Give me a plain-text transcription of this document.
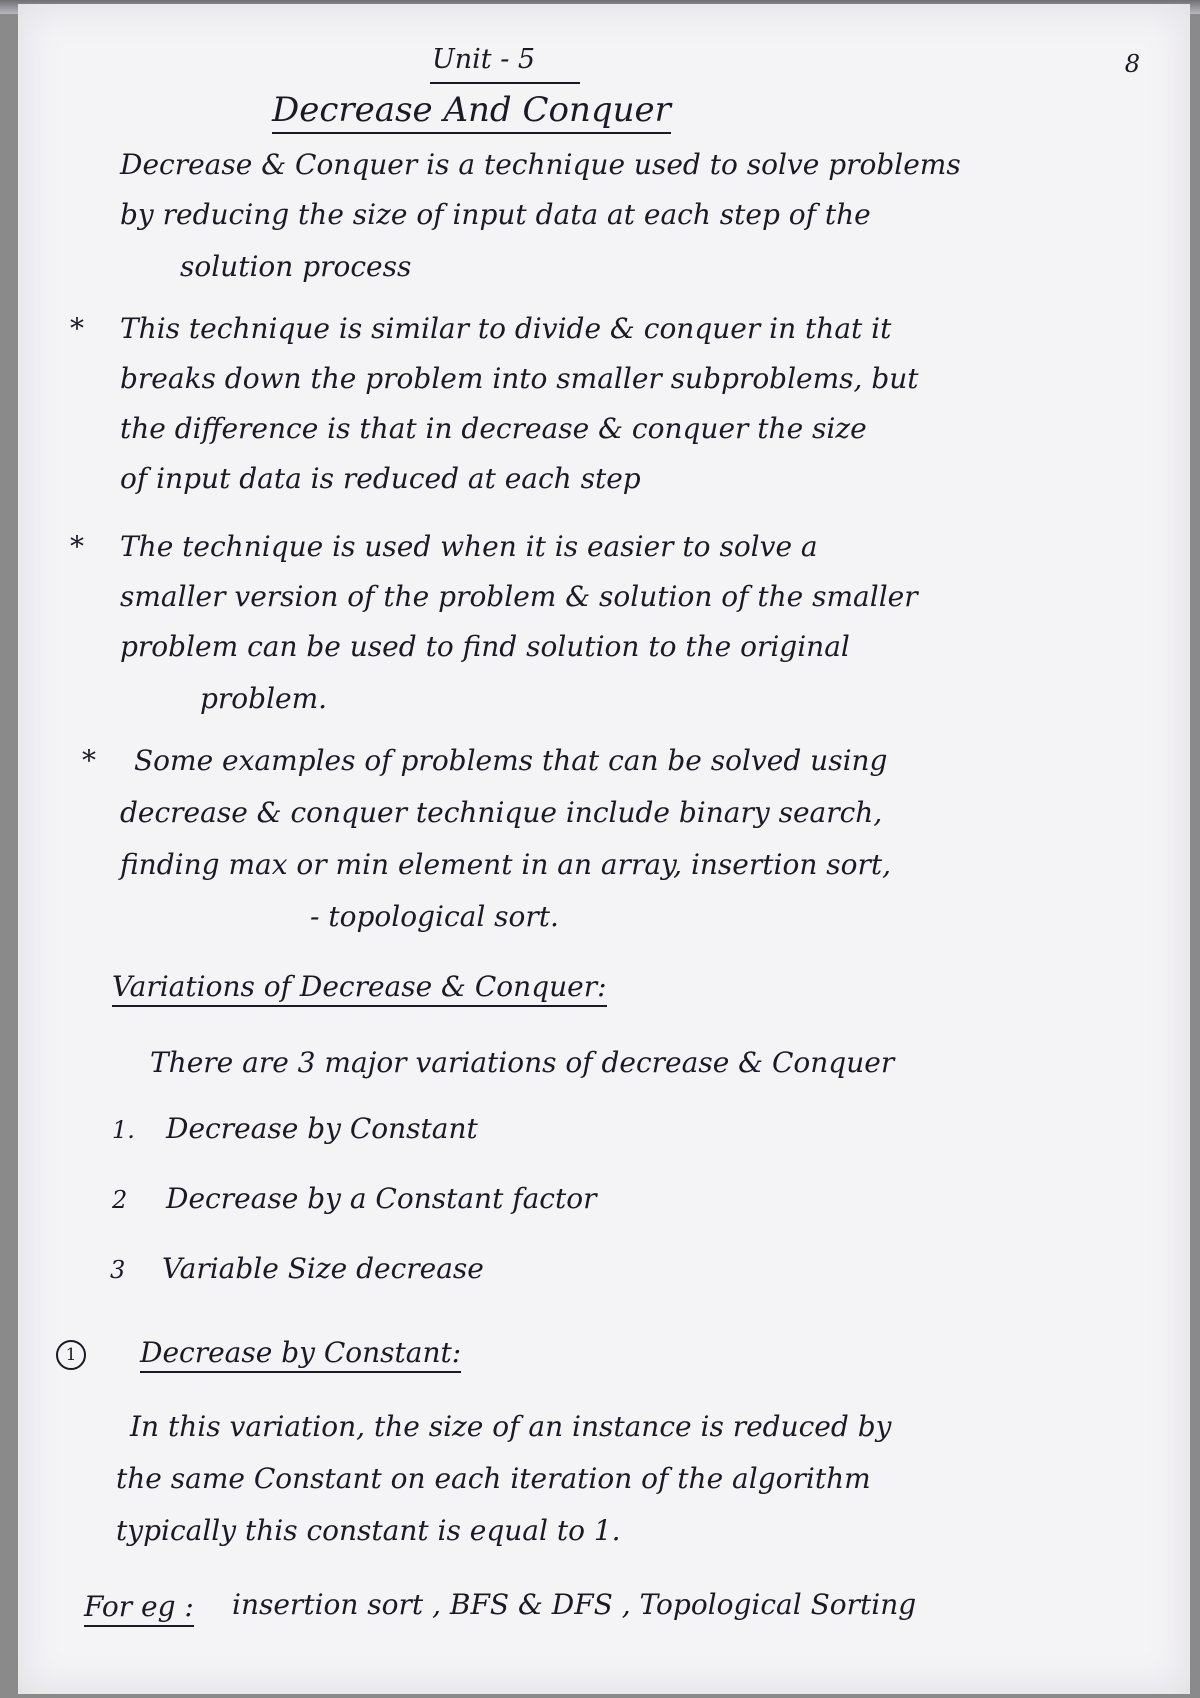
Unit - 5	8
Decrease And Conquer
Decrease & Conquer is a technique used to solve problems
by reducing the size of input data at each step of the
solution process
* This technique is similar to divide & conquer in that it
breaks down the problem into smaller subproblems, but
the difference is that in decrease & conquer the size
of input data is reduced at each step
* The technique is used when it is easier to solve a
smaller version of the problem & solution of the smaller
problem can be used to find solution to the original
problem.
* Some examples of problems that can be solved using
decrease & conquer technique include binary search,
finding max or min element in an array, insertion sort,
- topological sort.
Variations of Decrease & Conquer:
There are 3 major variations of decrease & Conquer
1. Decrease by Constant
2 Decrease by a Constant factor
3 Variable Size decrease
1	Decrease by Constant:
In this variation, the size of an instance is reduced by
the same Constant on each iteration of the algorithm
typically this constant is equal to 1.
For eg : insertion sort , BFS & DFS , Topological Sorting
